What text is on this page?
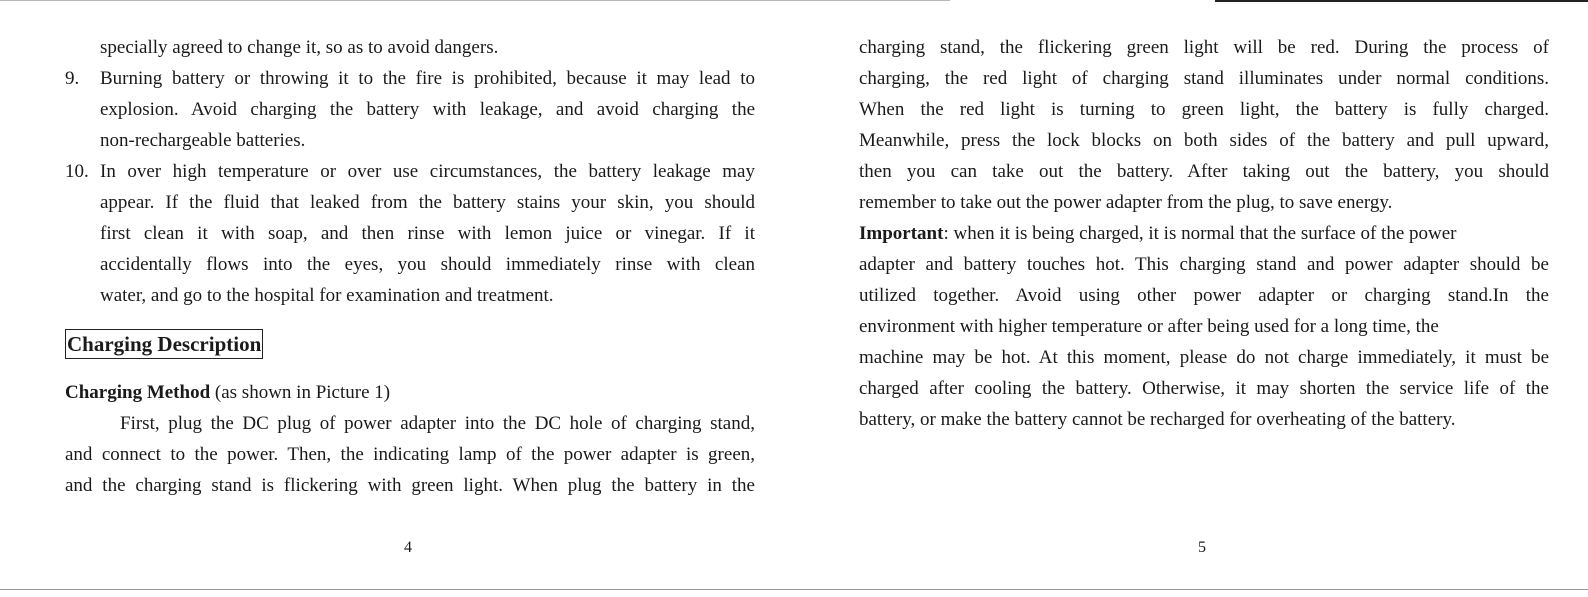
specially agreed to change it, so as to avoid dangers.
9.	Burning battery or throwing it to the fire is prohibited, because it may lead to
explosion. Avoid charging the battery with leakage, and avoid charging the
non-rechargeable batteries.
10. In over high temperature or over use circumstances, the battery leakage may
appear. If the fluid that leaked from the battery stains your skin, you should
first clean it with soap, and then rinse with lemon juice or vinegar. If it
accidentally flows into the eyes, you should immediately rinse with clean
water, and go to the hospital for examination and treatment.
Charging Description
Charging Method (as shown in Picture 1)
First, plug the DC plug of power adapter into the DC hole of charging stand,
and connect to the power. Then, the indicating lamp of the power adapter is green,
and the charging stand is flickering with green light. When plug the battery in the
4
charging stand, the flickering green light will be red. During the process of
charging, the red light of charging stand illuminates under normal conditions.
When the red light is turning to green light, the battery is fully charged.
Meanwhile, press the lock blocks on both sides of the battery and pull upward,
then you can take out the battery. After taking out the battery, you should
remember to take out the power adapter from the plug, to save energy.
Important: when it is being charged, it is normal that the surface of the power
adapter and battery touches hot. This charging stand and power adapter should be
utilized together. Avoid using other power adapter or charging stand.In the
environment with higher temperature or after being used for a long time, the
machine may be hot. At this moment, please do not charge immediately, it must be
charged after cooling the battery. Otherwise, it may shorten the service life of the
battery, or make the battery cannot be recharged for overheating of the battery.
5
